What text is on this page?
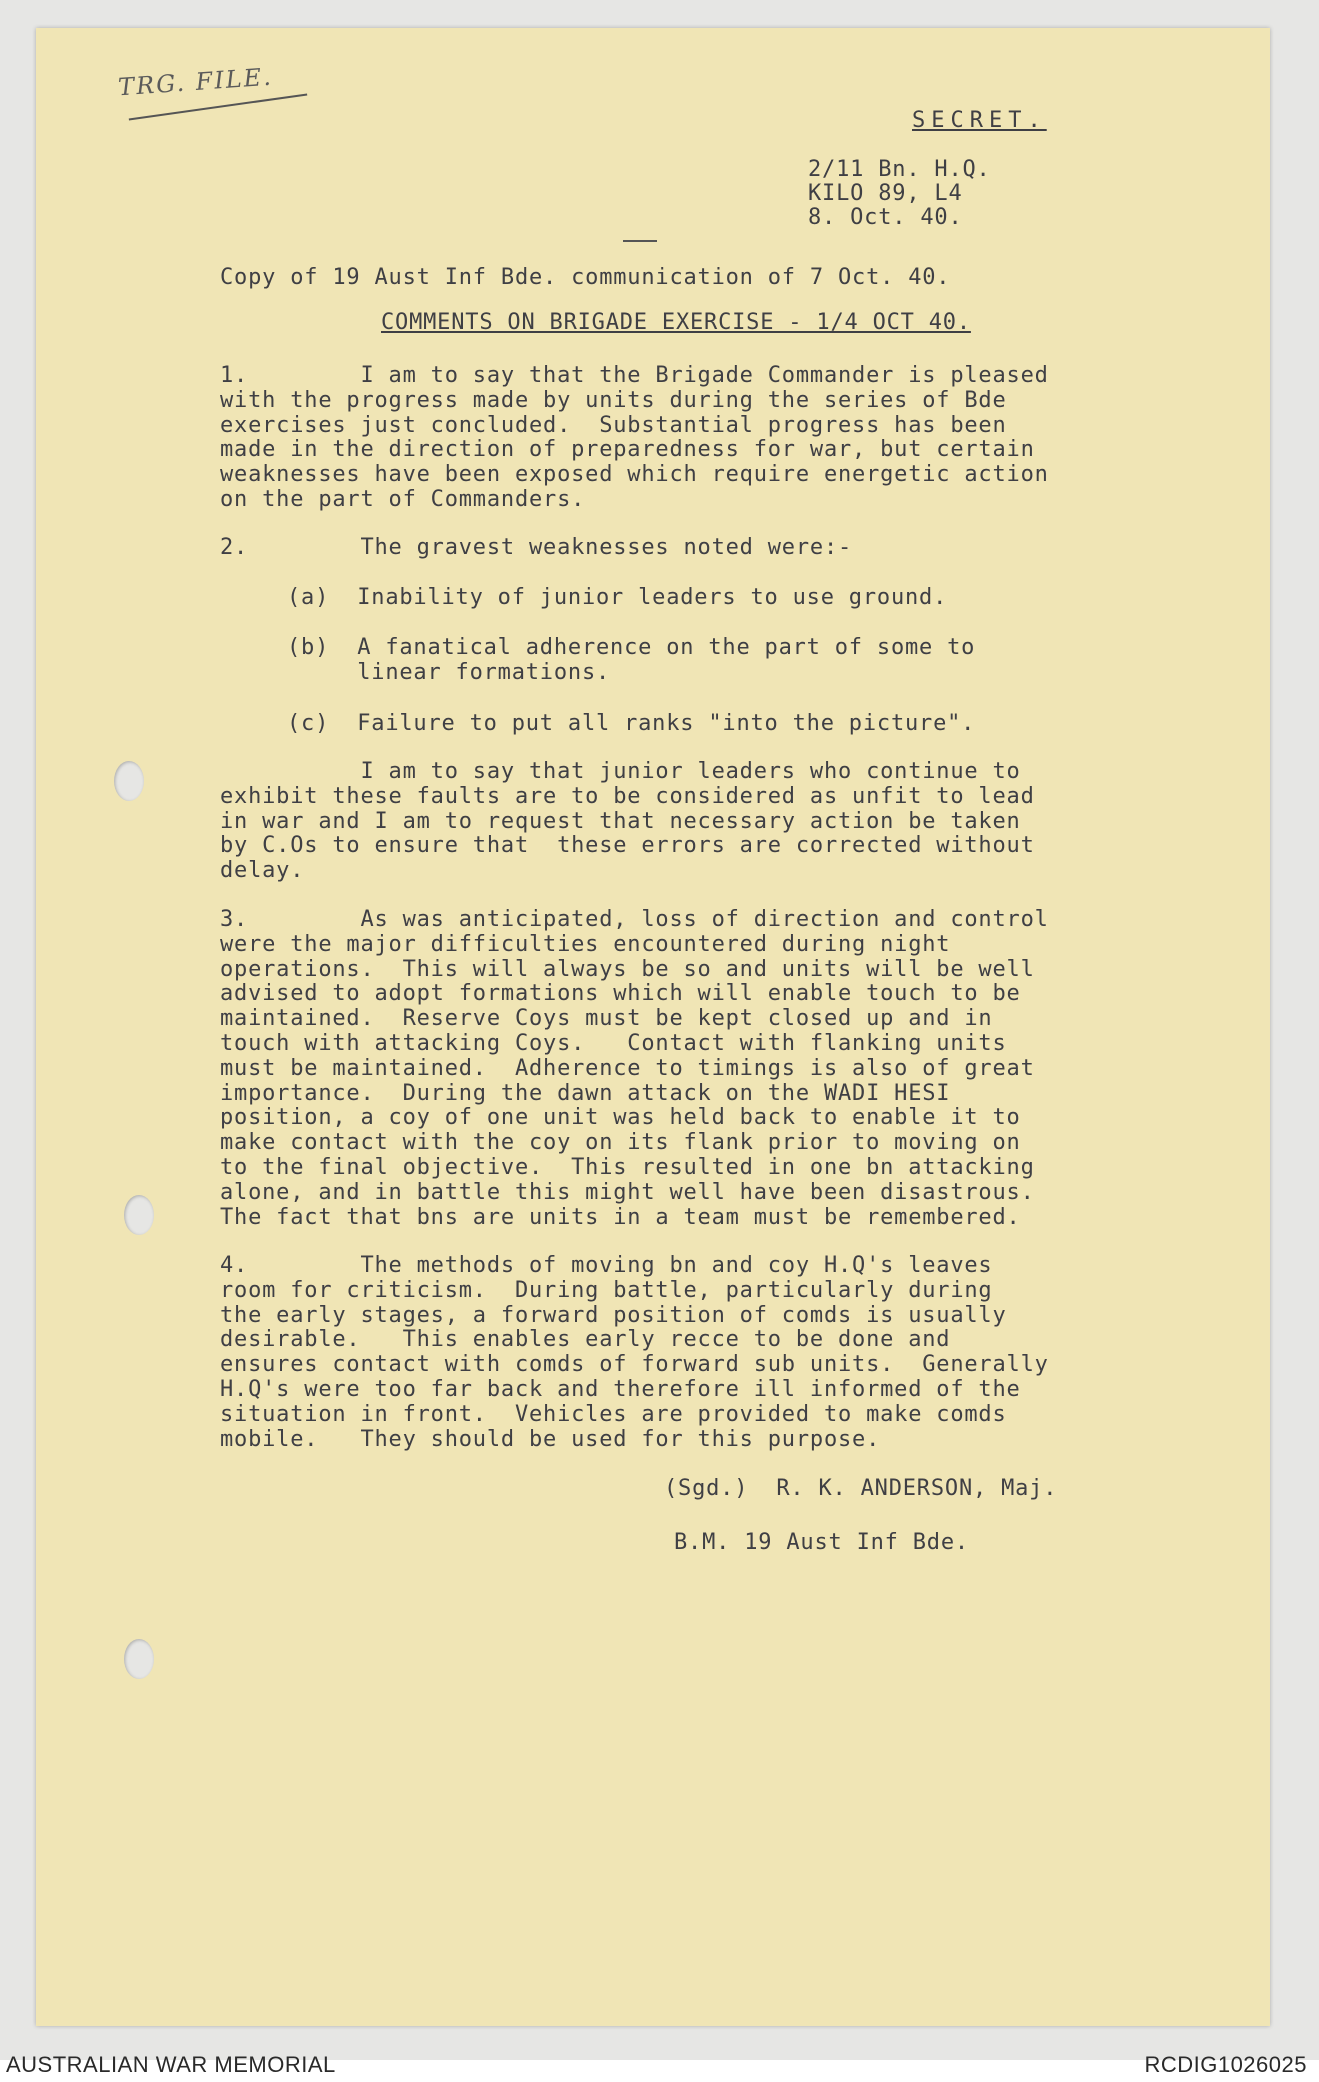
TRG. FILE.
SECRET.
2/11 Bn. H.Q.
KILO 89, L4
8. Oct. 40.
Copy of 19 Aust Inf Bde. communication of 7 Oct. 40.
COMMENTS ON BRIGADE EXERCISE - 1/4 OCT 40.
1.        I am to say that the Brigade Commander is pleased
with the progress made by units during the series of Bde
exercises just concluded.  Substantial progress has been
made in the direction of preparedness for war, but certain
weaknesses have been exposed which require energetic action
on the part of Commanders.
2.        The gravest weaknesses noted were:-
(a)  Inability of junior leaders to use ground.
(b)  A fanatical adherence on the part of some to
linear formations.
(c)  Failure to put all ranks "into the picture".
I am to say that junior leaders who continue to
exhibit these faults are to be considered as unfit to lead
in war and I am to request that necessary action be taken
by C.Os to ensure that  these errors are corrected without
delay.
3.        As was anticipated, loss of direction and control
were the major difficulties encountered during night
operations.  This will always be so and units will be well
advised to adopt formations which will enable touch to be
maintained.  Reserve Coys must be kept closed up and in
touch with attacking Coys.   Contact with flanking units
must be maintained.  Adherence to timings is also of great
importance.  During the dawn attack on the WADI HESI
position, a coy of one unit was held back to enable it to
make contact with the coy on its flank prior to moving on
to the final objective.  This resulted in one bn attacking
alone, and in battle this might well have been disastrous.
The fact that bns are units in a team must be remembered.
4.        The methods of moving bn and coy H.Q's leaves
room for criticism.  During battle, particularly during
the early stages, a forward position of comds is usually
desirable.   This enables early recce to be done and
ensures contact with comds of forward sub units.  Generally
H.Q's were too far back and therefore ill informed of the
situation in front.  Vehicles are provided to make comds
mobile.   They should be used for this purpose.
(Sgd.)  R. K. ANDERSON, Maj.
B.M. 19 Aust Inf Bde.
AUSTRALIAN WAR MEMORIAL	RCDIG1026025
